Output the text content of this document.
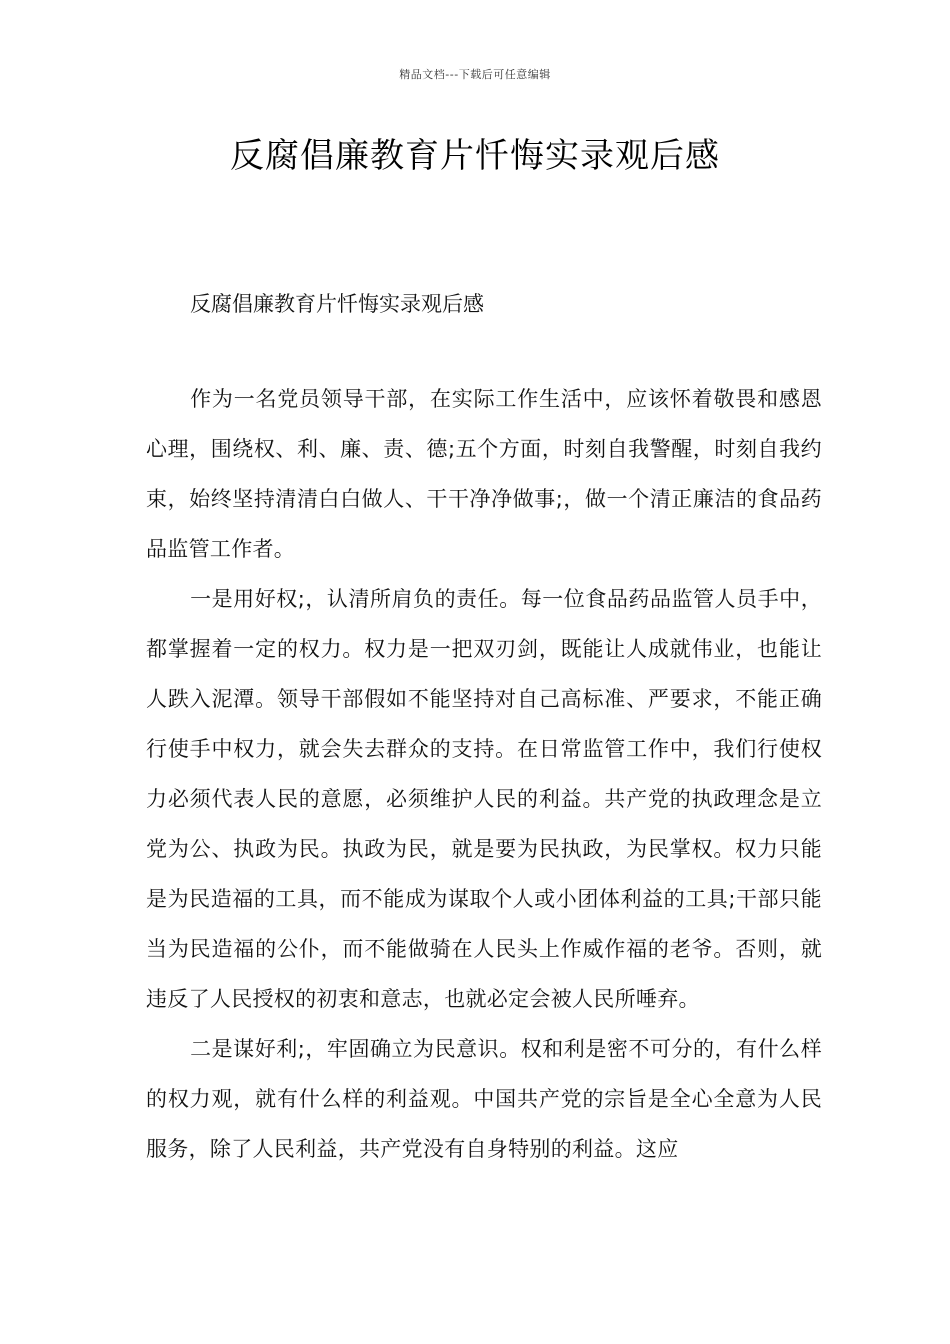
精品文档---下载后可任意编辑
反腐倡廉教育片忏悔实录观后感

反腐倡廉教育片忏悔实录观后感

作为一名党员领导干部，在实际工作生活中，应该怀着敬畏和感恩心理，围绕权、利、廉、责、德;五个方面，时刻自我警醒，时刻自我约束，始终坚持清清白白做人、干干净净做事;，做一个清正廉洁的食品药品监管工作者。

一是用好权;，认清所肩负的责任。每一位食品药品监管人员手中，都掌握着一定的权力。权力是一把双刃剑，既能让人成就伟业，也能让人跌入泥潭。领导干部假如不能坚持对自己高标准、严要求，不能正确行使手中权力，就会失去群众的支持。在日常监管工作中，我们行使权力必须代表人民的意愿，必须维护人民的利益。共产党的执政理念是立党为公、执政为民。执政为民，就是要为民执政，为民掌权。权力只能是为民造福的工具，而不能成为谋取个人或小团体利益的工具;干部只能当为民造福的公仆，而不能做骑在人民头上作威作福的老爷。否则，就违反了人民授权的初衷和意志，也就必定会被人民所唾弃。

二是谋好利;，牢固确立为民意识。权和利是密不可分的，有什么样的权力观，就有什么样的利益观。中国共产党的宗旨是全心全意为人民服务，除了人民利益，共产党没有自身特别的利益。这应
